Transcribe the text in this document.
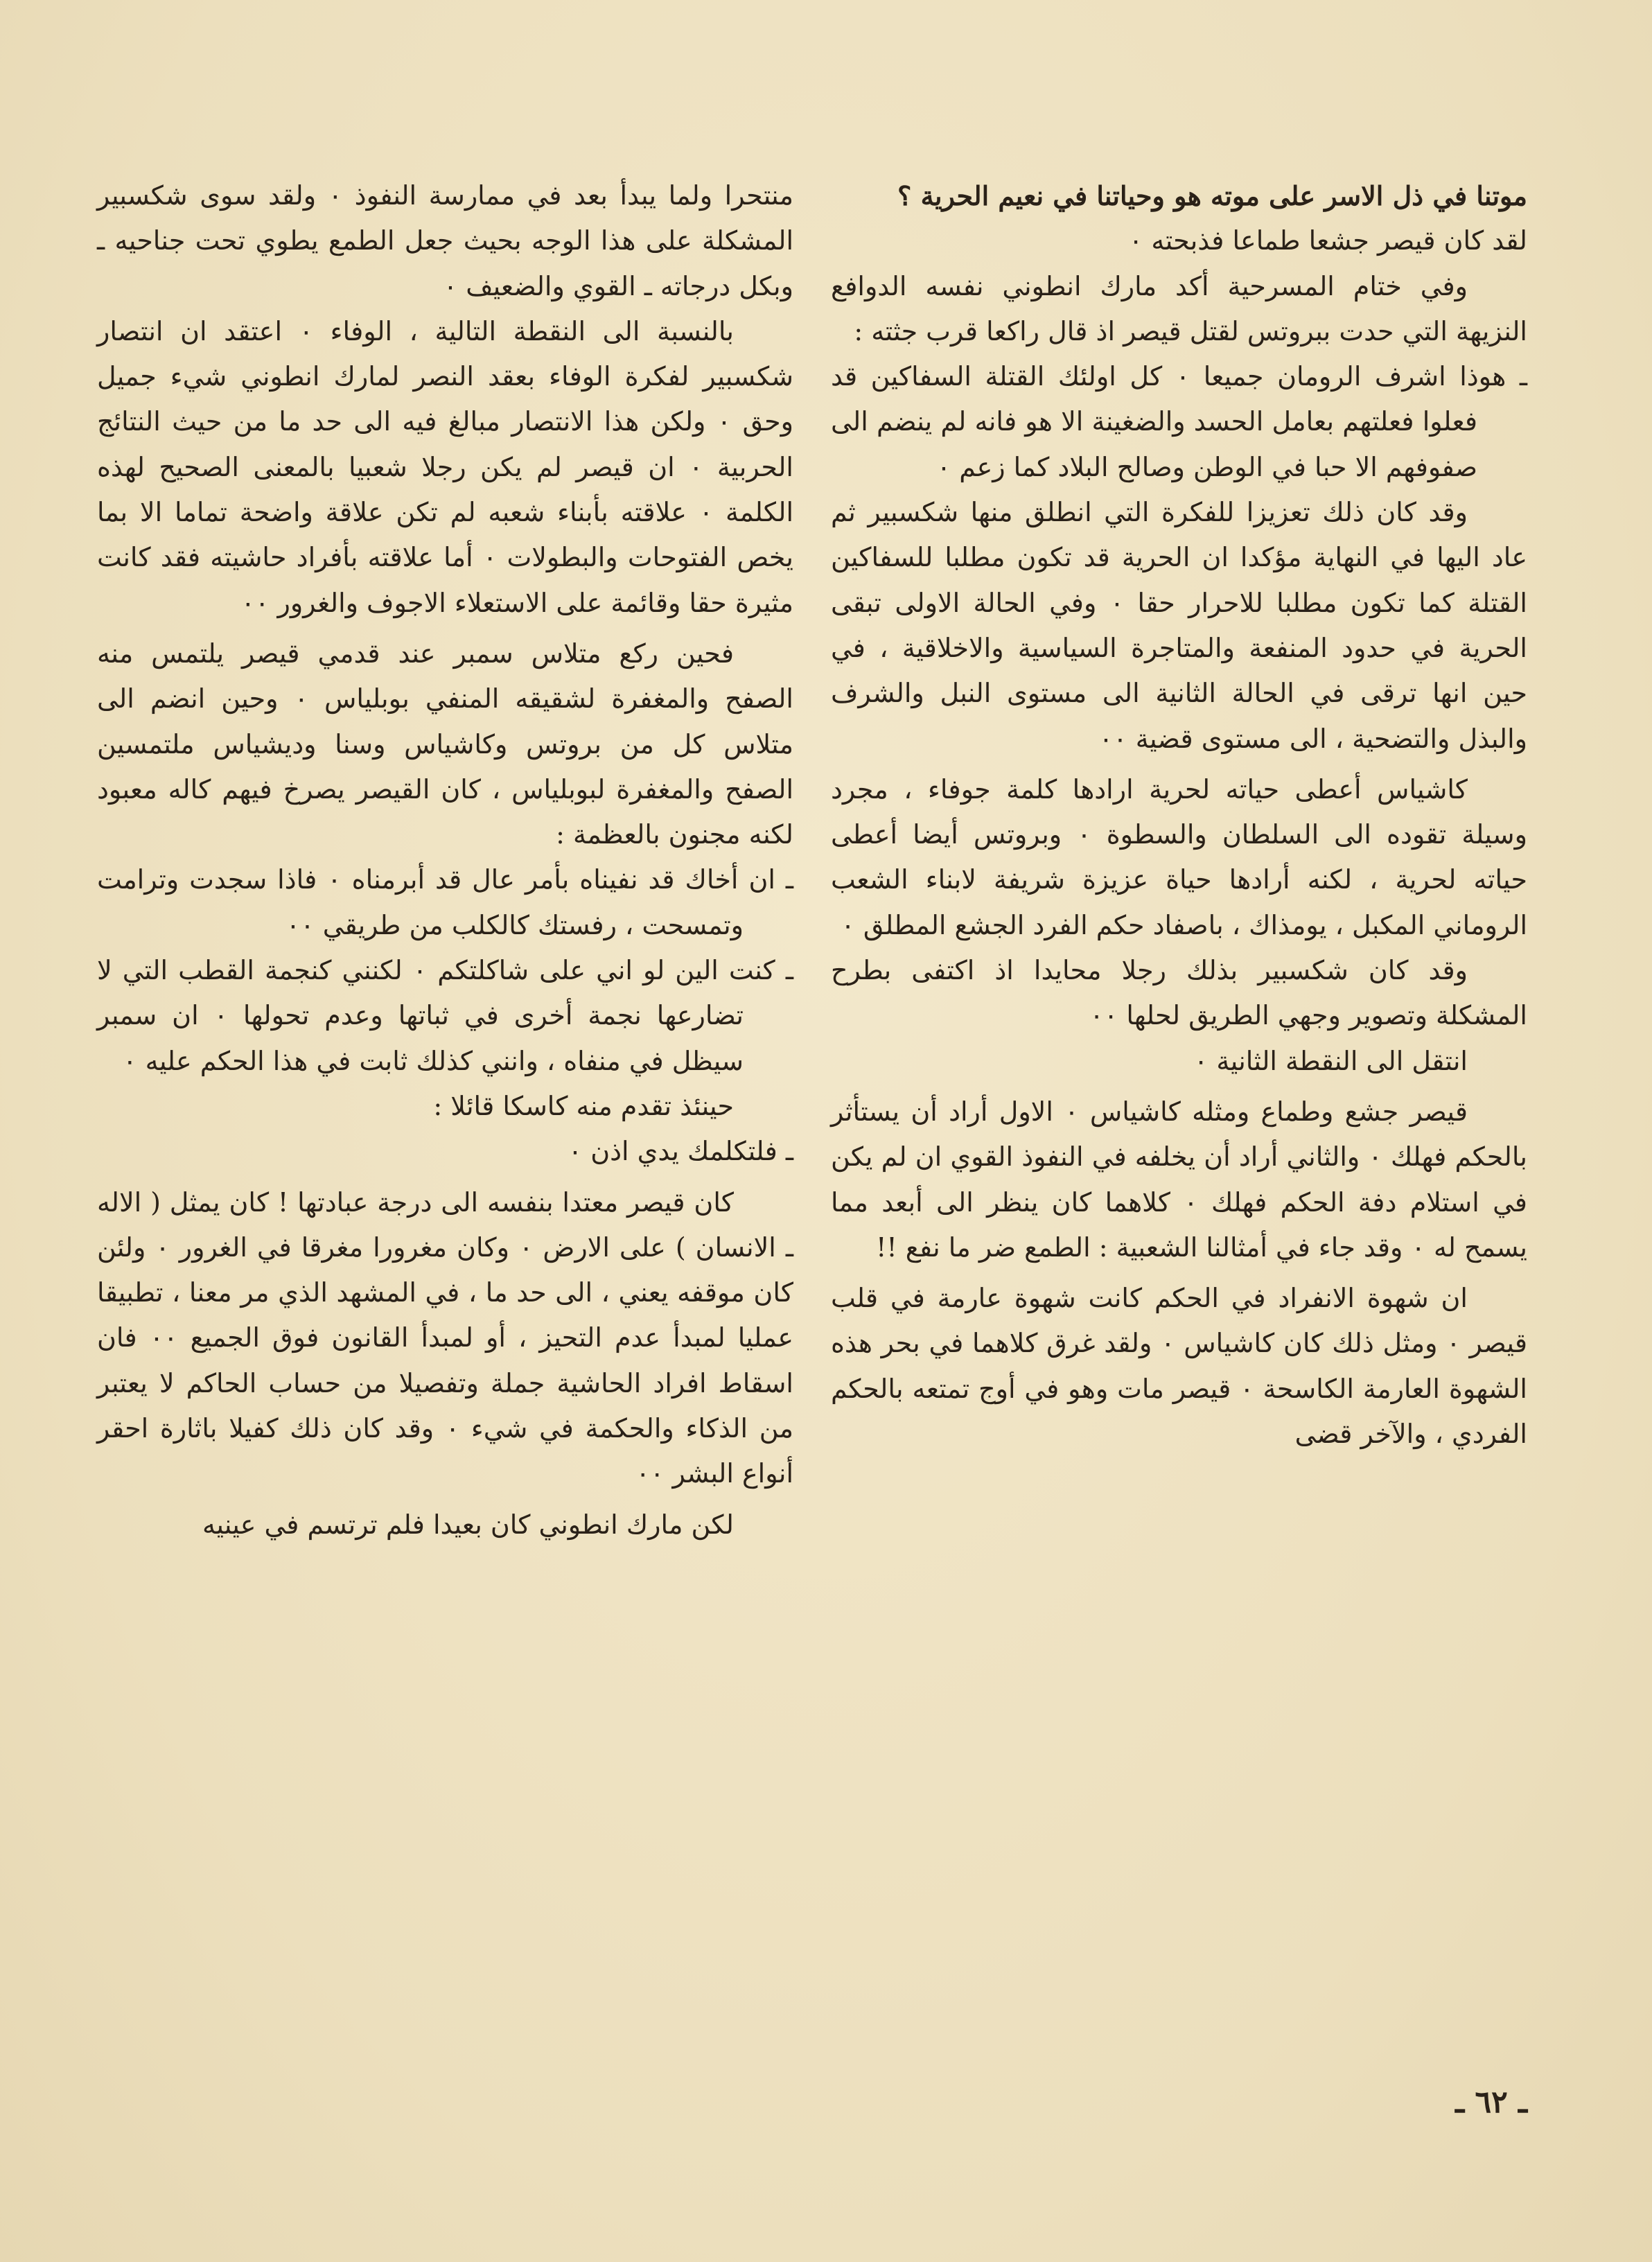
موتنا في ذل الاسر على موته هو وحياتنا في نعيم الحرية ؟

لقد كان قيصر جشعا طماعا فذبحته ٠

وفي ختام المسرحية أكد مارك انطوني نفسه الدوافع النزيهة التي حدت ببروتس لقتل قيصر اذ قال راكعا قرب جثته :

ـ هوذا اشرف الرومان جميعا ٠ كل اولئك القتلة السفاكين قد فعلوا فعلتهم بعامل الحسد والضغينة الا هو فانه لم ينضم الى صفوفهم الا حبا في الوطن وصالح البلاد كما زعم ٠

وقد كان ذلك تعزيزا للفكرة التي انطلق منها شكسبير ثم عاد اليها في النهاية مؤكدا ان الحرية قد تكون مطلبا للسفاكين القتلة كما تكون مطلبا للاحرار حقا ٠ وفي الحالة الاولى تبقى الحرية في حدود المنفعة والمتاجرة السياسية والاخلاقية ، في حين انها ترقى في الحالة الثانية الى مستوى النبل والشرف والبذل والتضحية ، الى مستوى قضية ٠٠

كاشياس أعطى حياته لحرية ارادها كلمة جوفاء ، مجرد وسيلة تقوده الى السلطان والسطوة ٠ وبروتس أيضا أعطى حياته لحرية ، لكنه أرادها حياة عزيزة شريفة لابناء الشعب الروماني المكبل ، يومذاك ، باصفاد حكم الفرد الجشع المطلق ٠

وقد كان شكسبير بذلك رجلا محايدا اذ اكتفى بطرح المشكلة وتصوير وجهي الطريق لحلها ٠٠

انتقل الى النقطة الثانية ٠

قيصر جشع وطماع ومثله كاشياس ٠ الاول أراد أن يستأثر بالحكم فهلك ٠ والثاني أراد أن يخلفه في النفوذ القوي ان لم يكن في استلام دفة الحكم فهلك ٠ كلاهما كان ينظر الى أبعد مما يسمح له ٠ وقد جاء في أمثالنا الشعبية : الطمع ضر ما نفع !!

ان شهوة الانفراد في الحكم كانت شهوة عارمة في قلب قيصر ٠ ومثل ذلك كان كاشياس ٠ ولقد غرق كلاهما في بحر هذه الشهوة العارمة الكاسحة ٠ قيصر مات وهو في أوج تمتعه بالحكم الفردي ، والآخر قضى

منتحرا ولما يبدأ بعد في ممارسة النفوذ ٠ ولقد سوى شكسبير المشكلة على هذا الوجه بحيث جعل الطمع يطوي تحت جناحيه ـ وبكل درجاته ـ القوي والضعيف ٠

بالنسبة الى النقطة التالية ، الوفاء ٠ اعتقد ان انتصار شكسبير لفكرة الوفاء بعقد النصر لمارك انطوني شيء جميل وحق ٠ ولكن هذا الانتصار مبالغ فيه الى حد ما من حيث النتائج الحربية ٠ ان قيصر لم يكن رجلا شعبيا بالمعنى الصحيح لهذه الكلمة ٠ علاقته بأبناء شعبه لم تكن علاقة واضحة تماما الا بما يخص الفتوحات والبطولات ٠ أما علاقته بأفراد حاشيته فقد كانت مثيرة حقا وقائمة على الاستعلاء الاجوف والغرور ٠٠

فحين ركع متلاس سمبر عند قدمي قيصر يلتمس منه الصفح والمغفرة لشقيقه المنفي بوبلياس ٠ وحين انضم الى متلاس كل من بروتس وكاشياس وسنا وديشياس ملتمسين الصفح والمغفرة لبوبلياس ، كان القيصر يصرخ فيهم كاله معبود لكنه مجنون بالعظمة :

ـ ان أخاك قد نفيناه بأمر عال قد أبرمناه ٠ فاذا سجدت وترامت وتمسحت ، رفستك كالكلب من طريقي ٠٠

ـ كنت الين لو اني على شاكلتكم ٠ لكنني كنجمة القطب التي لا تضارعها نجمة أخرى في ثباتها وعدم تحولها ٠ ان سمبر سيظل في منفاه ، وانني كذلك ثابت في هذا الحكم عليه ٠

حينئذ تقدم منه كاسكا قائلا :

ـ فلتكلمك يدي اذن ٠

كان قيصر معتدا بنفسه الى درجة عبادتها ! كان يمثل ( الاله ـ الانسان ) على الارض ٠ وكان مغرورا مغرقا في الغرور ٠ ولئن كان موقفه يعني ، الى حد ما ، في المشهد الذي مر معنا ، تطبيقا عمليا لمبدأ عدم التحيز ، أو لمبدأ القانون فوق الجميع ٠٠ فان اسقاط افراد الحاشية جملة وتفصيلا من حساب الحاكم لا يعتبر من الذكاء والحكمة في شيء ٠ وقد كان ذلك كفيلا باثارة احقر أنواع البشر ٠٠

لكن مارك انطوني كان بعيدا فلم ترتسم في عينيه

ـ ٦٢ ـ
